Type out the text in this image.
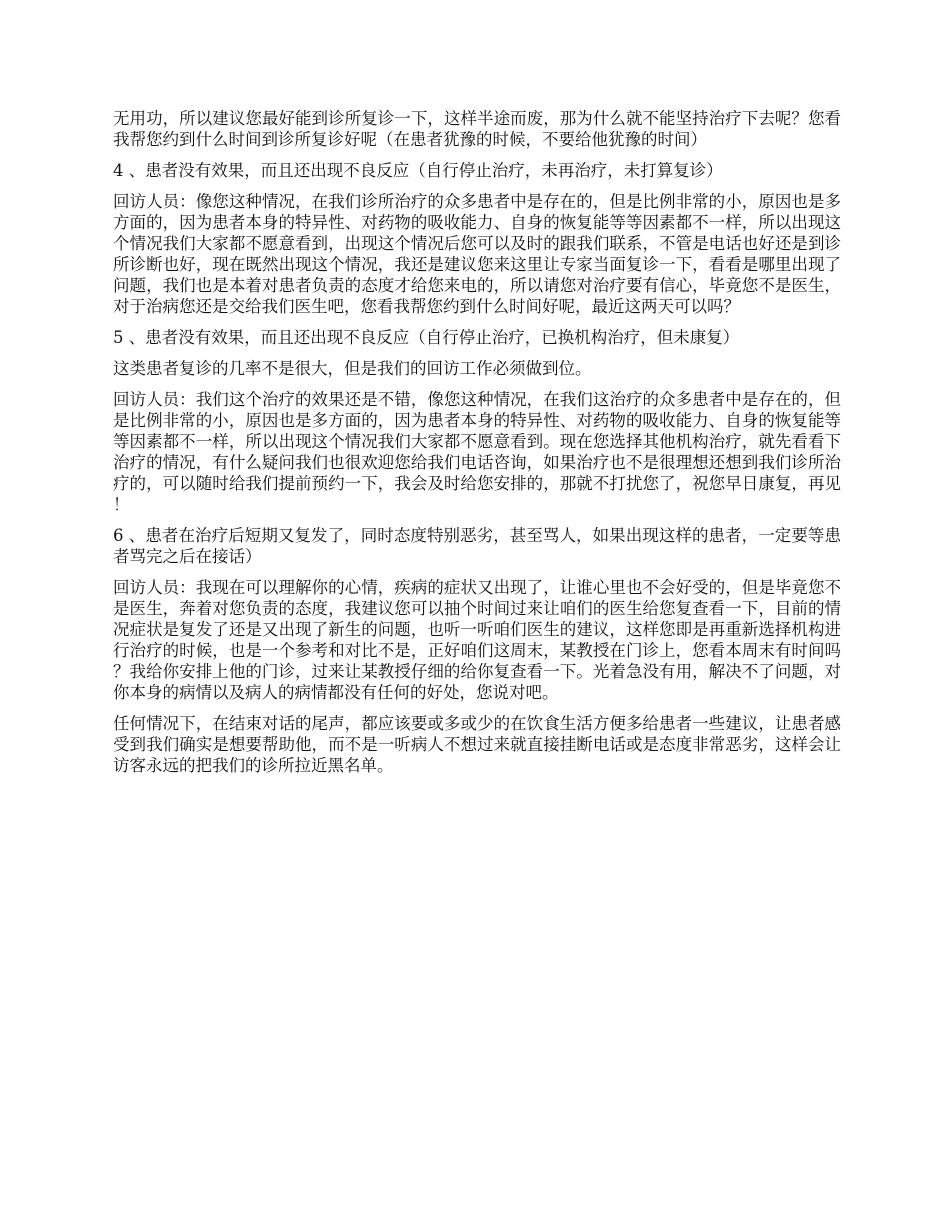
无用功，所以建议您最好能到诊所复诊一下，这样半途而废，那为什么就不能坚持治疗下去呢？您看我帮您约到什么时间到诊所复诊好呢（在患者犹豫的时候，不要给他犹豫的时间）

4 、患者没有效果，而且还出现不良反应（自行停止治疗，未再治疗，未打算复诊）

回访人员：像您这种情况，在我们诊所治疗的众多患者中是存在的，但是比例非常的小，原因也是多方面的，因为患者本身的特异性、对药物的吸收能力、自身的恢复能等等因素都不一样，所以出现这个情况我们大家都不愿意看到，出现这个情况后您可以及时的跟我们联系，不管是电话也好还是到诊所诊断也好，现在既然出现这个情况，我还是建议您来这里让专家当面复诊一下，看看是哪里出现了问题，我们也是本着对患者负责的态度才给您来电的，所以请您对治疗要有信心，毕竟您不是医生，对于治病您还是交给我们医生吧，您看我帮您约到什么时间好呢，最近这两天可以吗？

5 、患者没有效果，而且还出现不良反应（自行停止治疗，已换机构治疗，但未康复）

这类患者复诊的几率不是很大，但是我们的回访工作必须做到位。

回访人员：我们这个治疗的效果还是不错，像您这种情况，在我们这治疗的众多患者中是存在的，但是比例非常的小，原因也是多方面的，因为患者本身的特异性、对药物的吸收能力、自身的恢复能等等因素都不一样，所以出现这个情况我们大家都不愿意看到。现在您选择其他机构治疗，就先看看下治疗的情况，有什么疑问我们也很欢迎您给我们电话咨询，如果治疗也不是很理想还想到我们诊所治疗的，可以随时给我们提前预约一下，我会及时给您安排的，那就不打扰您了，祝您早日康复，再见！

6 、患者在治疗后短期又复发了，同时态度特别恶劣，甚至骂人，如果出现这样的患者，一定要等患者骂完之后在接话）

回访人员：我现在可以理解你的心情，疾病的症状又出现了，让谁心里也不会好受的，但是毕竟您不是医生，奔着对您负责的态度，我建议您可以抽个时间过来让咱们的医生给您复查看一下，目前的情况症状是复发了还是又出现了新生的问题，也听一听咱们医生的建议，这样您即是再重新选择机构进行治疗的时候，也是一个参考和对比不是，正好咱们这周末，某教授在门诊上，您看本周末有时间吗？我给你安排上他的门诊，过来让某教授仔细的给你复查看一下。光着急没有用，解决不了问题，对你本身的病情以及病人的病情都没有任何的好处，您说对吧。

任何情况下，在结束对话的尾声，都应该要或多或少的在饮食生活方便多给患者一些建议，让患者感受到我们确实是想要帮助他，而不是一听病人不想过来就直接挂断电话或是态度非常恶劣，这样会让访客永远的把我们的诊所拉近黑名单。
